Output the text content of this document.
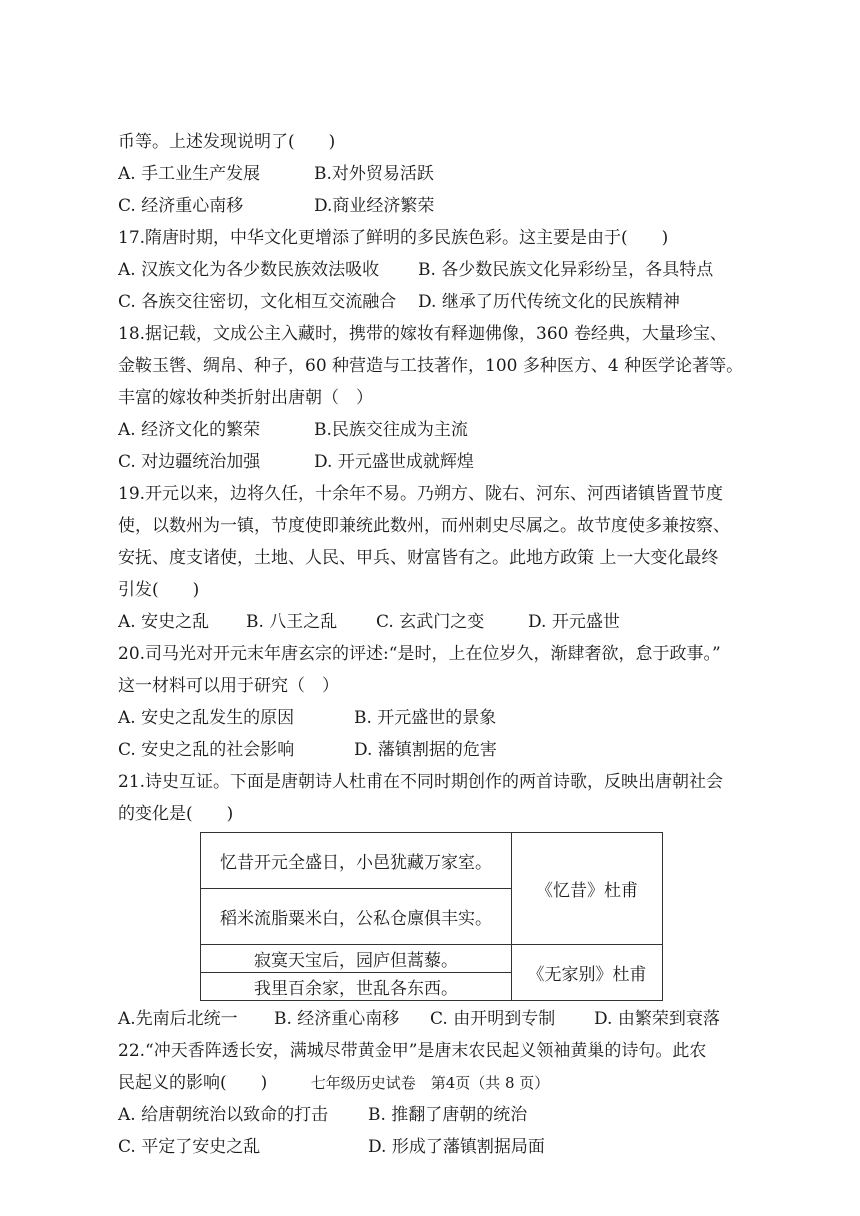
币等。上述发现说明了(　　)
A. 手工业生产发展	B.对外贸易活跃
C. 经济重心南移	D.商业经济繁荣
17.隋唐时期，中华文化更增添了鲜明的多民族色彩。这主要是由于(　　)
A. 汉族文化为各少数民族效法吸收	B. 各少数民族文化异彩纷呈，各具特点
C. 各族交往密切，文化相互交流融合	D. 继承了历代传统文化的民族精神
18.据记载，文成公主入藏时，携带的嫁妆有释迦佛像，360 卷经典，大量珍宝、
金鞍玉辔、绸帛、种子，60 种营造与工技著作，100 多种医方、4 种医学论著等。
丰富的嫁妆种类折射出唐朝（　）
A. 经济文化的繁荣	B.民族交往成为主流
C. 对边疆统治加强	D. 开元盛世成就辉煌
19.开元以来，边将久任，十余年不易。乃朔方、陇右、河东、河西诸镇皆置节度
使，以数州为一镇，节度使即兼统此数州，而州刺史尽属之。故节度使多兼按察、
安抚、度支诸使，土地、人民、甲兵、财富皆有之。此地方政策 上一大变化最终
引发(　　)
A. 安史之乱	B. 八王之乱	C. 玄武门之变	D. 开元盛世
20.司马光对开元末年唐玄宗的评述:“是时，上在位岁久，渐肆奢欲，怠于政事。”
这一材料可以用于研究（　）
A. 安史之乱发生的原因	B. 开元盛世的景象
C. 安史之乱的社会影响	D. 藩镇割据的危害
21.诗史互证。下面是唐朝诗人杜甫在不同时期创作的两首诗歌，反映出唐朝社会
的变化是(　　)
忆昔开元全盛日，小邑犹藏万家室。	《忆昔》杜甫
稻米流脂粟米白，公私仓廪俱丰实。	
寂寞天宝后，园庐但蒿藜。	《无家别》杜甫
我里百余家，世乱各东西。	
A.先南后北统一	B. 经济重心南移	C. 由开明到专制	D. 由繁荣到衰落
22.“冲天香阵透长安，满城尽带黄金甲”是唐末农民起义领袖黄巢的诗句。此农
民起义的影响(　　)
A. 给唐朝统治以致命的打击	B. 推翻了唐朝的统治
C. 平定了安史之乱	D. 形成了藩镇割据局面
七年级历史试卷　第4页（共 8 页）
